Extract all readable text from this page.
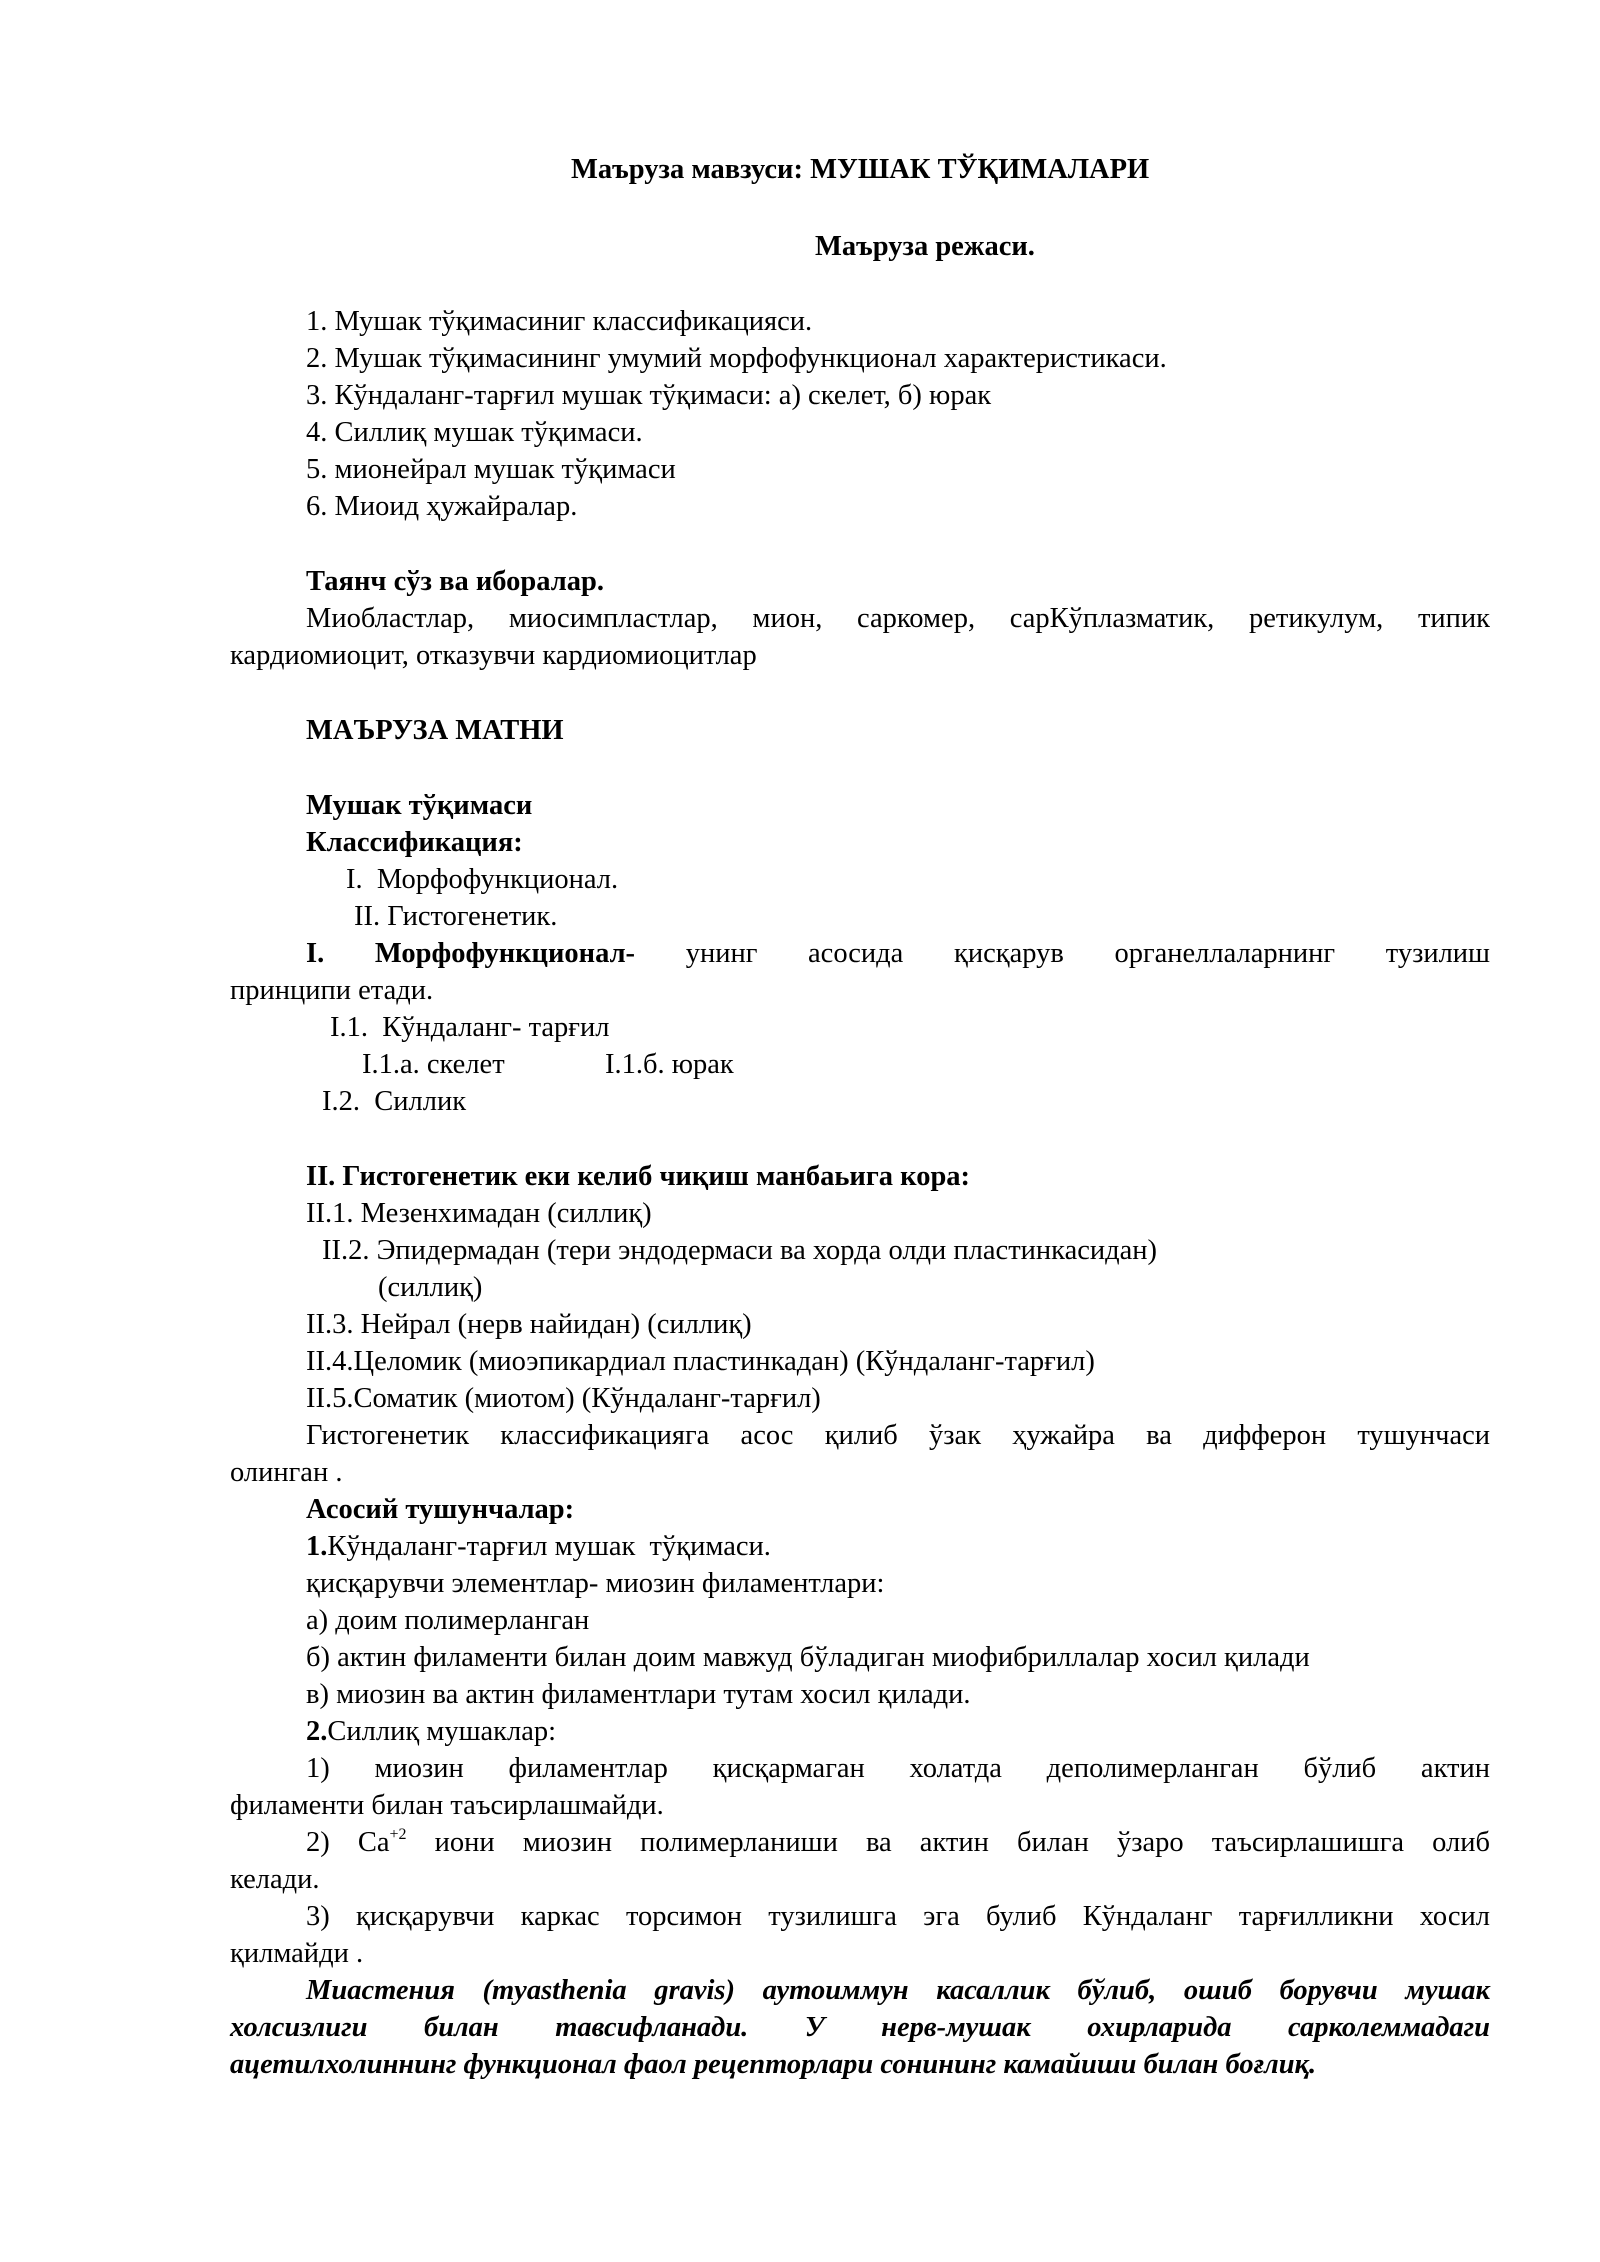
Маъруза мавзуси: МУШАК ТЎҚИМАЛАРИ
Маъруза режаси.
1. Мушак тўқимасиниг классификацияси.
2. Мушак тўқимасининг умумий морфофункционал характеристикаси.
3. Кўндаланг-тарғил мушак тўқимаси: а) скелет, б) юрак
4. Силлиқ мушак тўқимаси.
5. мионейрал мушак тўқимаси
6. Миоид ҳужайралар.
Таянч сўз ва иборалар.
Миобластлар, миосимпластлар, мион, саркомер, сарКўплазматик, ретикулум, типик
кардиомиоцит, отказувчи кардиомиоцитлар
МАЪРУЗА МАТНИ
Мушак тўқимаси
Классификация:
I.  Морфофункционал.
II. Гистогенетик.
I. Морфофункционал- унинг асосида қисқарув органеллаларнинг тузилиш
принципи етади.
I.1.  Кўндаланг- тарғил
I.1.а. скелет	I.1.б. юрак
I.2.  Силлик
II. Гистогенетик еки келиб чиқиш манбаьига кора:
II.1. Мезенхимадан (силлиқ)
II.2. Эпидермадан (тери эндодермаси ва хорда олди пластинкасидан)
(силлиқ)
II.3. Нейрал (нерв найидан) (силлиқ)
II.4.Целомик (миоэпикардиал пластинкадан) (Кўндаланг-тарғил)
II.5.Соматик (миотом) (Кўндаланг-тарғил)
Гистогенетик классификацияга асос қилиб ўзак ҳужайра ва дифферон тушунчаси
олинган .
Асосий тушунчалар:
1.Кўндаланг-тарғил мушак  тўқимаси.
қисқарувчи элементлар- миозин филаментлари:
а) доим полимерланган
б) актин филаменти билан доим мавжуд бўладиган миофибриллалар хосил қилади
в) миозин ва актин филаментлари тутам хосил қилади.
2.Силлиқ мушаклар:
1) миозин филаментлар қисқармаган холатда деполимерланган бўлиб актин
филаменти билан таъсирлашмайди.
2) $Ca^{+2}$ иони миозин полимерланиши ва актин билан ўзаро таъсирлашишга олиб
келади.
3) қисқарувчи каркас торсимон тузилишга эга булиб Кўндаланг тарғилликни хосил
қилмайди .
Миастения (myasthenia gravis) аутоиммун касаллик бўлиб, ошиб борувчи мушак
холсизлиги билан тавсифланади. У нерв-мушак охирларида сарколеммадаги
ацетилхолиннинг функционал фаол рецепторлари сонининг камайиши билан боғлиқ.
